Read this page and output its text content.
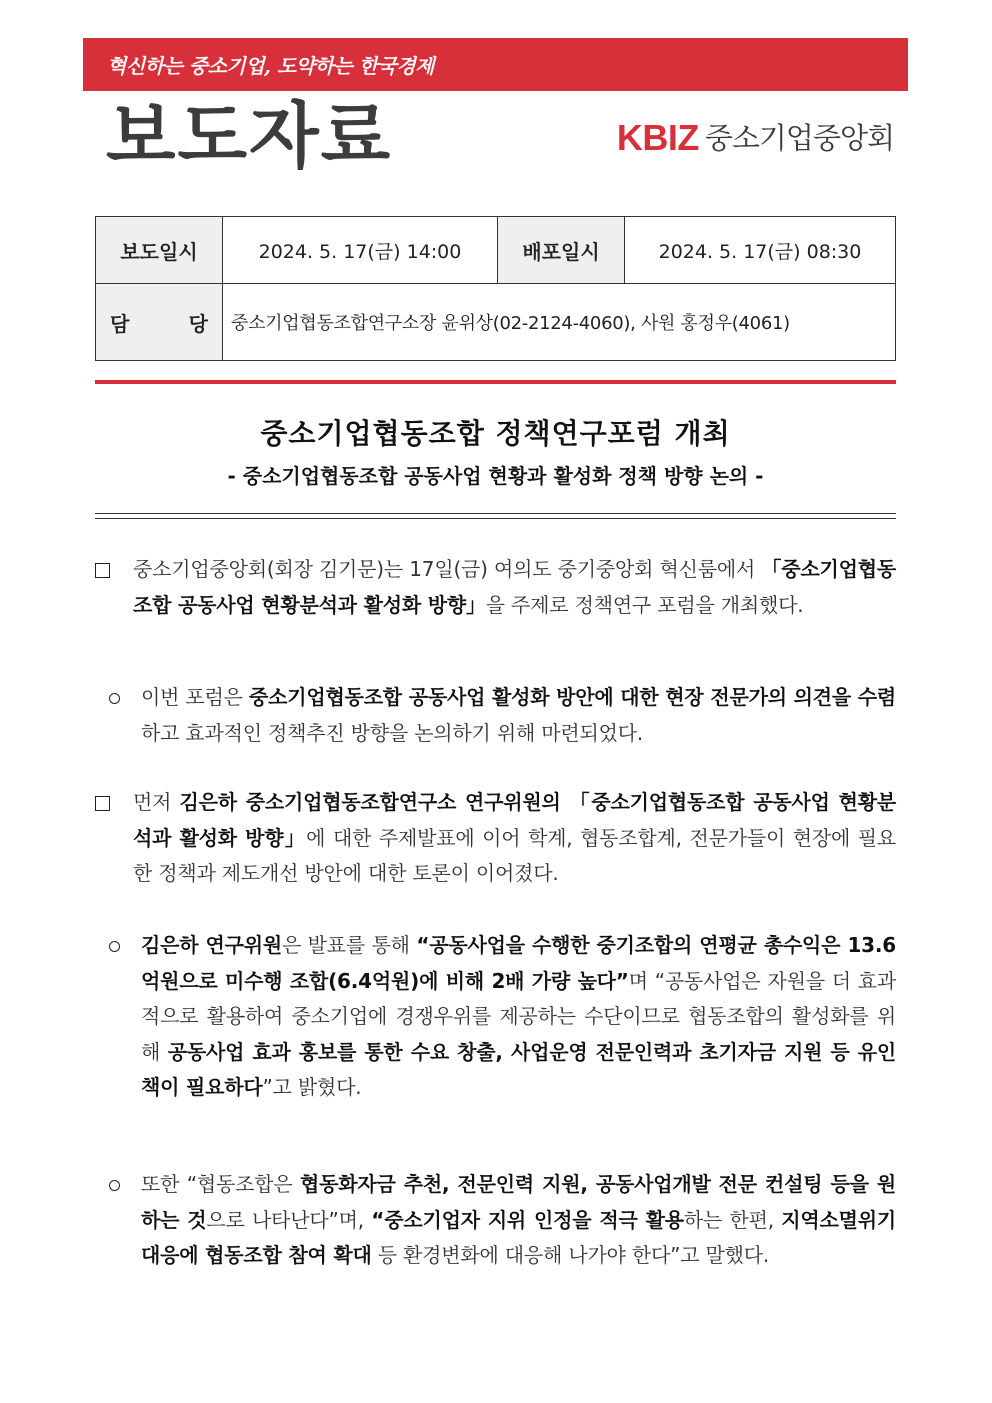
혁신하는 중소기업, 도약하는 한국경제
보도자료	KBIZ 중소기업중앙회
보도일시	2024. 5. 17(금) 14:00	배포일시	2024. 5. 17(금) 08:30

담 당	중소기업협동조합연구소장 윤위상(02-2124-4060), 사원 홍정우(4061)		
중소기업협동조합 정책연구포럼 개최
- 중소기업협동조합 공동사업 현황과 활성화 정책 방향 논의 -
중소기업중앙회(회장 김기문)는 17일(금) 여의도 중기중앙회 혁신룸에서 「중소기업협동조합 공동사업 현황분석과 활성화 방향」을 주제로 정책연구 포럼을 개최했다.
이번 포럼은 중소기업협동조합 공동사업 활성화 방안에 대한 현장 전문가의 의견을 수렴하고 효과적인 정책추진 방향을 논의하기 위해 마련되었다.
먼저 김은하 중소기업협동조합연구소 연구위원의 「중소기업협동조합 공동사업 현황분석과 활성화 방향」에 대한 주제발표에 이어 학계, 협동조합계, 전문가들이 현장에 필요한 정책과 제도개선 방안에 대한 토론이 이어졌다.
김은하 연구위원은 발표를 통해 “공동사업을 수행한 중기조합의 연평균 총수익은 13.6억원으로 미수행 조합(6.4억원)에 비해 2배 가량 높다”며 “공동사업은 자원을 더 효과적으로 활용하여 중소기업에 경쟁우위를 제공하는 수단이므로 협동조합의 활성화를 위해 공동사업 효과 홍보를 통한 수요 창출, 사업운영 전문인력과 초기자금 지원 등 유인책이 필요하다”고 밝혔다.
또한 “협동조합은 협동화자금 추천, 전문인력 지원, 공동사업개발 전문 컨설팅 등을 원하는 것으로 나타난다”며, “중소기업자 지위 인정을 적극 활용하는 한편, 지역소멸위기 대응에 협동조합 참여 확대 등 환경변화에 대응해 나가야 한다”고 말했다.
